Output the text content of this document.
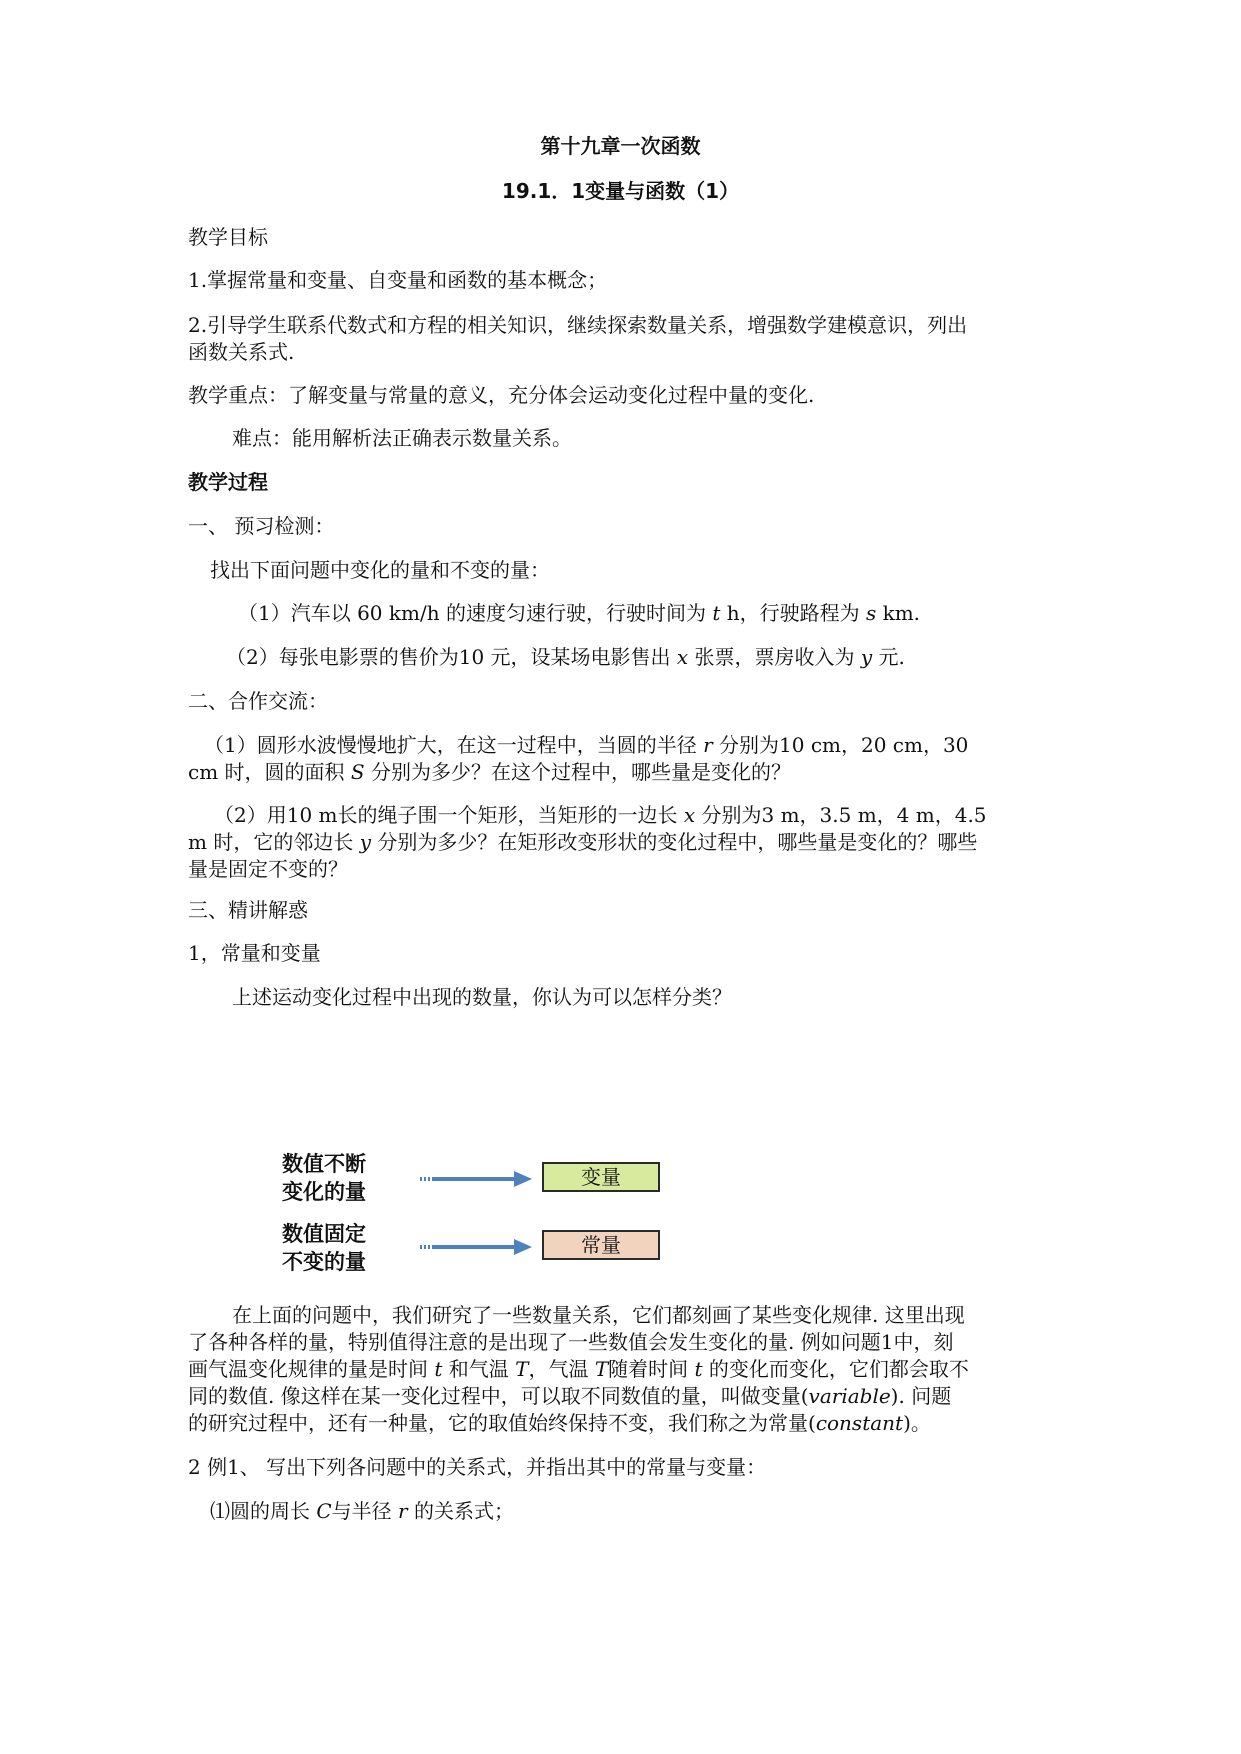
第十九章一次函数
19.1．1变量与函数（1）
教学目标
1.掌握常量和变量、自变量和函数的基本概念；
2.引导学生联系代数式和方程的相关知识，继续探索数量关系，增强数学建模意识，列出
函数关系式.
教学重点：了解变量与常量的意义，充分体会运动变化过程中量的变化.
难点：能用解析法正确表示数量关系。
教学过程
一、 预习检测：
找出下面问题中变化的量和不变的量：
（1）汽车以 60 km/h 的速度匀速行驶，行驶时间为 t h，行驶路程为 s km.
（2）每张电影票的售价为10 元，设某场电影售出 x 张票，票房收入为 y 元.
二、合作交流：
（1）圆形水波慢慢地扩大，在这一过程中，当圆的半径 r 分别为10 cm，20 cm，30
cm 时，圆的面积 S 分别为多少？在这个过程中，哪些量是变化的？
（2）用10 m长的绳子围一个矩形，当矩形的一边长 x 分别为3 m，3.5 m，4 m，4.5
m 时，它的邻边长 y 分别为多少？在矩形改变形状的变化过程中，哪些量是变化的？哪些
量是固定不变的？
三、精讲解惑
1，常量和变量
上述运动变化过程中出现的数量，你认为可以怎样分类？
数值不断
变化的量
变量
数值固定
不变的量
常量
在上面的问题中，我们研究了一些数量关系，它们都刻画了某些变化规律. 这里出现
了各种各样的量，特别值得注意的是出现了一些数值会发生变化的量. 例如问题1中，刻
画气温变化规律的量是时间 t 和气温 T，气温 T随着时间 t 的变化而变化，它们都会取不
同的数值. 像这样在某一变化过程中，可以取不同数值的量，叫做变量(variable). 问题
的研究过程中，还有一种量，它的取值始终保持不变，我们称之为常量(constant)。
2 例1、 写出下列各问题中的关系式，并指出其中的常量与变量：
⑴圆的周长 C与半径 r 的关系式；
